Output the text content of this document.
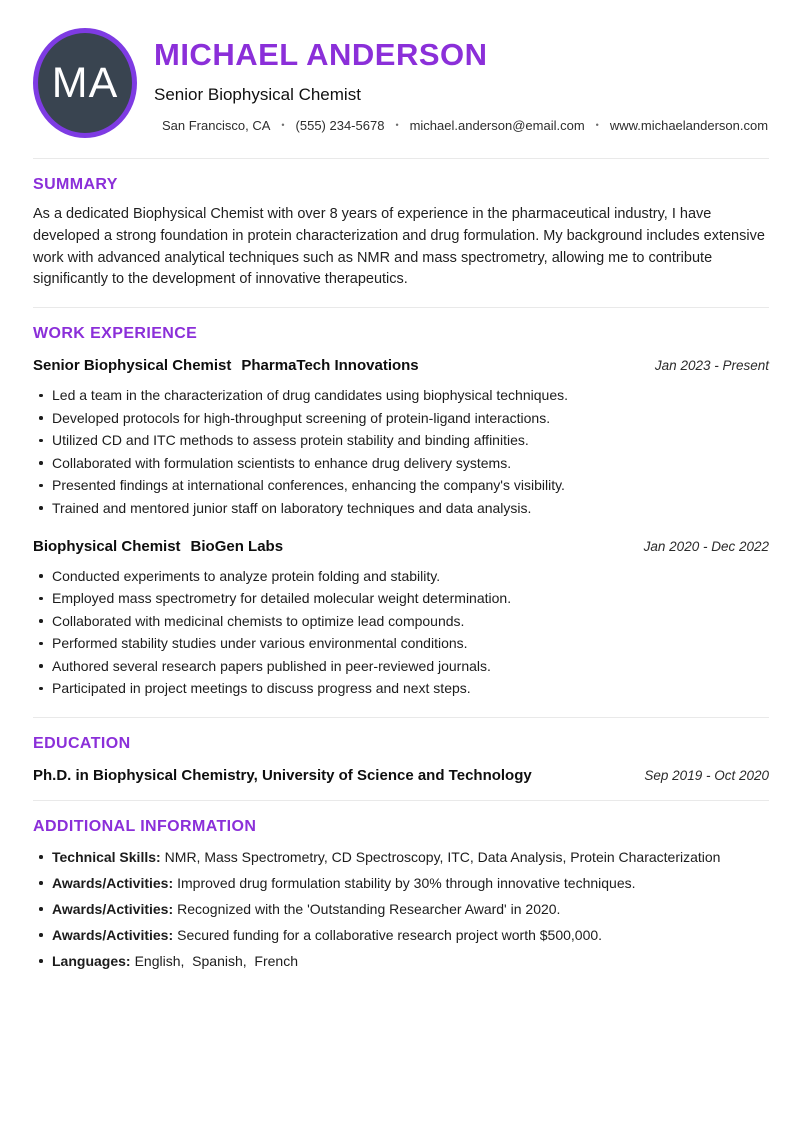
MA
MICHAEL ANDERSON
Senior Biophysical Chemist
San Francisco, CA • (555) 234-5678 • michael.anderson@email.com • www.michaelanderson.com
SUMMARY

As a dedicated Biophysical Chemist with over 8 years of experience in the pharmaceutical industry, I have developed a strong foundation in protein characterization and drug formulation. My background includes extensive work with advanced analytical techniques such as NMR and mass spectrometry, allowing me to contribute significantly to the development of innovative therapeutics.

WORK EXPERIENCE
Senior Biophysical Chemist PharmaTech Innovations	Jan 2023 - Present
Led a team in the characterization of drug candidates using biophysical techniques.
Developed protocols for high-throughput screening of protein-ligand interactions.
Utilized CD and ITC methods to assess protein stability and binding affinities.
Collaborated with formulation scientists to enhance drug delivery systems.
Presented findings at international conferences, enhancing the company's visibility.
Trained and mentored junior staff on laboratory techniques and data analysis.
Biophysical Chemist BioGen Labs	Jan 2020 - Dec 2022
Conducted experiments to analyze protein folding and stability.
Employed mass spectrometry for detailed molecular weight determination.
Collaborated with medicinal chemists to optimize lead compounds.
Performed stability studies under various environmental conditions.
Authored several research papers published in peer-reviewed journals.
Participated in project meetings to discuss progress and next steps.
EDUCATION
Ph.D. in Biophysical Chemistry, University of Science and Technology	Sep 2019 - Oct 2020
ADDITIONAL INFORMATION
Technical Skills: NMR, Mass Spectrometry, CD Spectroscopy, ITC, Data Analysis, Protein Characterization
Awards/Activities: Improved drug formulation stability by 30% through innovative techniques.
Awards/Activities: Recognized with the 'Outstanding Researcher Award' in 2020.
Awards/Activities: Secured funding for a collaborative research project worth $500,000.
Languages: English,  Spanish,  French
